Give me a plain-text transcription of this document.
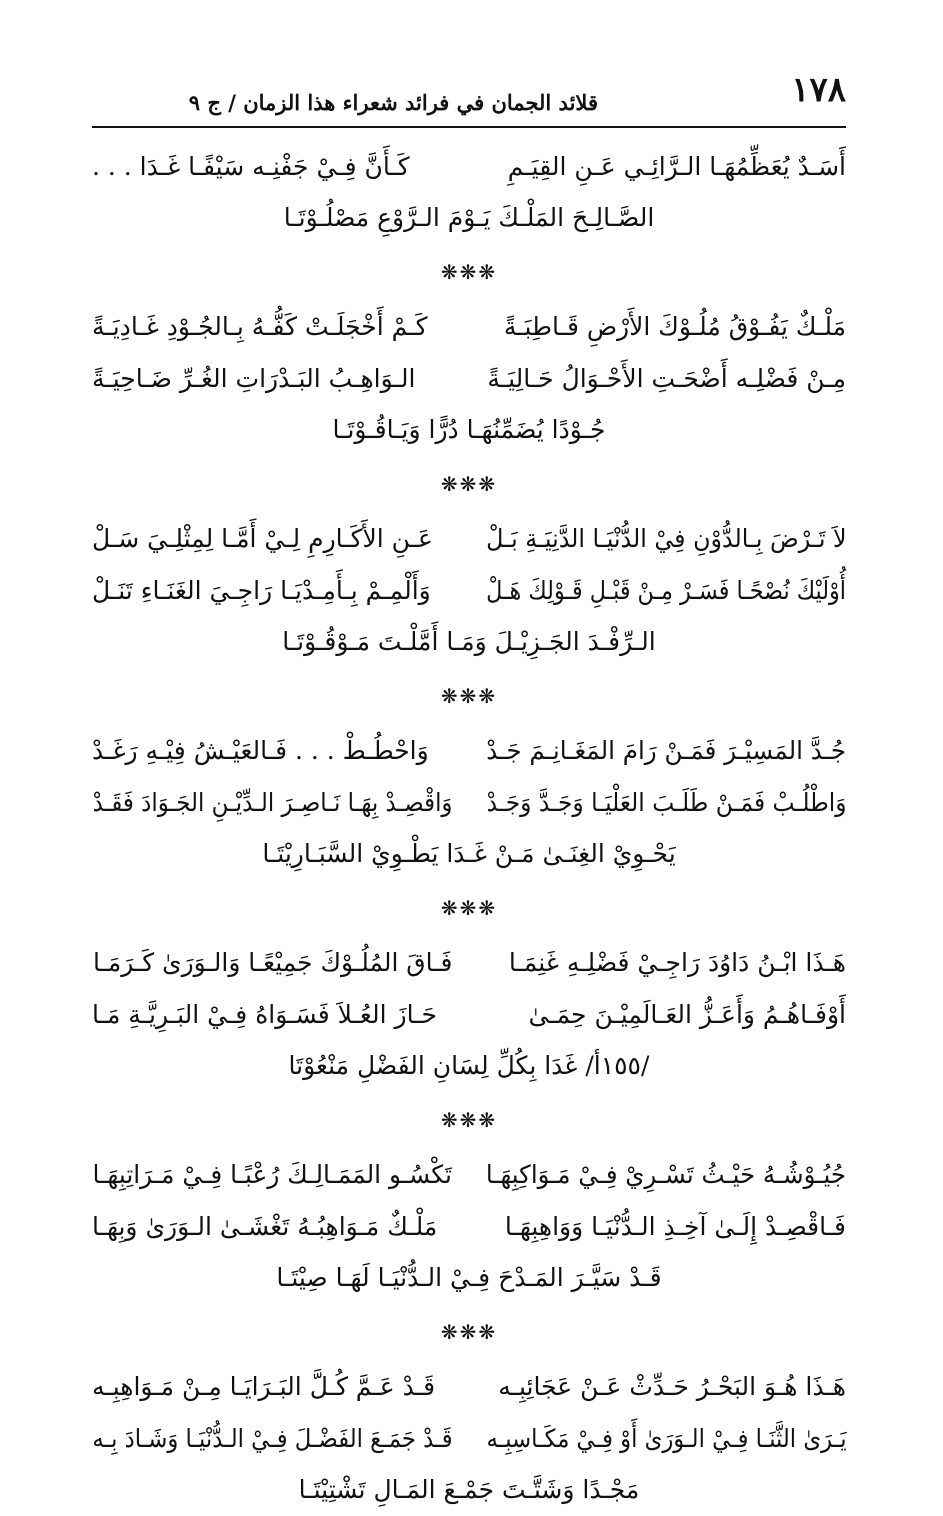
١٧٨
قلائد الجمان في فرائد شعراء هذا الزمان / ج ٩
أَسَـدٌ يُعَظِّمُهَـا الـرَّائِـي عَـنِ القِيَـمِ
كَـأَنَّ فِـيْ جَفْنِـه سَيْفًـا غَـدَا . . .
الصَّـالِـحَ المَلْـكَ يَـوْمَ الـرَّوْعِ مَصْلُـوْتَـا
❋❋❋
مَلْـكٌ يَفُـوْقُ مُلُـوْكَ الأَرْضِ قَـاطِبَـةً
كَـمْ أَخْجَلَـتْ كَفُّـهُ بِـالجُـوْدِ غَـادِيَـةً
مِـنْ فَضْلِـه أَضْحَـتِ الأَحْـوَالُ حَـالِيَـةً
الـوَاهِـبُ البَـدْرَاتِ الغُـرِّ ضَـاحِيَـةً
جُـوْدًا يُضَمِّنُهَـا دُرًّا وَيَـاقُـوْتَـا
❋❋❋
لاَ تَـرْضَ بِـالدُّوْنِ فِيْ الدُّنْيَـا الدَّنِيَـةِ بَـلْ
عَـنِ الأَكَـارِمِ لِـيْ أَمَّـا لِمِثْلِـيَ سَـلْ
أُوْلَيْكَ نُصْحًـا فَسَـرْ مِـنْ قَبْـلِ قَـوْلِكَ هَـلْ
وَأَلْمِـمْ بِـأَمِـدْيَـا رَاجِـيَ الغَنَـاءِ تَنَـلْ
الـرِّفْـدَ الجَـزِيْـلَ وَمَـا أَمَّلْـتَ مَـوْقُـوْتَـا
❋❋❋
جُـدَّ المَسِيْـرَ فَمَـنْ رَامَ المَغَـانِـمَ جَـدْ
وَاحْطُـطْ . . . فَـالعَيْـشُ فِيْـهِ رَغَـدْ
وَاطْلُـبْ فَمَـنْ طَلَـبَ العَلْيَـا وَجَـدَّ وَجَـدْ
وَاقْصِـدْ بِهَـا نَـاصِـرَ الـدِّيْـنِ الجَـوَادَ فَقَـدْ
يَحْـوِيْ الغِنَـىٰ مَـنْ غَـدَا يَطْـوِيْ السَّبَـارِيْتَـا
❋❋❋
هَـذَا ابْـنُ دَاوُدَ رَاجِـيْ فَضْلِـهِ غَنِمَـا
فَـاقَ المُلُـوْكَ جَمِيْعًـا وَالـوَرَىٰ كَـرَمَـا
أَوْفَـاهُـمُ وَأَعَـزُّ العَـالَمِيْـنَ حِمَـىٰ
حَـازَ العُـلاَ فَسَـوَاهُ فِـيْ البَـرِيَّـةِ مَـا
/١٥٥أ/ غَدَا بِكُلِّ لِسَانِ الفَضْلِ مَنْعُوْتَا
❋❋❋
جُيُـوْشُـهُ حَيْـثُ تَسْـرِيْ فِـيْ مَـوَاكِبِهَـا
تَكْسُـو المَمَـالِـكَ رُعْبًـا فِـيْ مَـرَاتِبِهَـا
فَـاقْصِـدْ إِلَـىٰ آخِـذِ الـدُّنْيَـا وَوَاهِبِهَـا
مَلْـكٌ مَـوَاهِبُـهُ تَغْشَـىٰ الـوَرَىٰ وَبِهَـا
قَـدْ سَيَّـرَ المَـدْحَ فِـيْ الـدُّنْيَـا لَهَـا صِيْتَـا
❋❋❋
هَـذَا هُـوَ البَحْـرُ حَـدِّثْ عَـنْ عَجَائِبِـه
قَـدْ عَـمَّ كُـلَّ البَـرَايَـا مِـنْ مَـوَاهِبِـه
يَـرَىٰ الثَّنَـا فِـيْ الـوَرَىٰ أَوْ فِـيْ مَكَـاسِبِـه
قَـدْ جَمَـعَ الفَضْـلَ فِـيْ الـدُّنْيَـا وَشَـادَ بِـه
مَجْـدًا وَشَتَّـتَ جَمْـعَ المَـالِ تَشْتِيْتَـا
